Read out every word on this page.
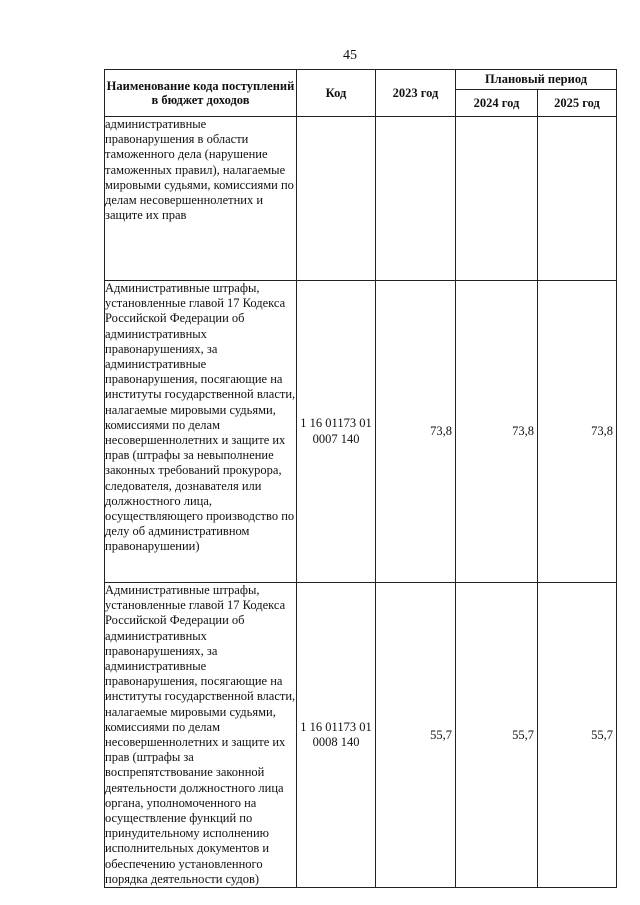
45
Наименование кода поступлений в бюджет доходов	Код	2023 год	Плановый период	
			2024 год	2025 год
административные правонарушения в области таможенного дела (нарушение таможенных правил), налагаемые мировыми судьями, комиссиями по делам несовершеннолетних и защите их прав				
Административные штрафы, установленные главой 17 Кодекса Российской Федерации об административных правонарушениях, за административные правонарушения, посягающие на институты государственной власти, налагаемые мировыми судьями, комиссиями по делам несовершеннолетних и защите их прав (штрафы за невыполнение законных требований прокурора, следователя, дознавателя или должностного лица, осуществляющего производство по делу об административном правонарушении)	1 16 01173 01 0007 140	73,8	73,8	73,8
Административные штрафы, установленные главой 17 Кодекса Российской Федерации об административных правонарушениях, за административные правонарушения, посягающие на институты государственной власти, налагаемые мировыми судьями, комиссиями по делам несовершеннолетних и защите их прав (штрафы за воспрепятствование законной деятельности должностного лица органа, уполномоченного на осуществление функций по принудительному исполнению исполнительных документов и обеспечению установленного порядка деятельности судов)	1 16 01173 01 0008 140	55,7	55,7	55,7
